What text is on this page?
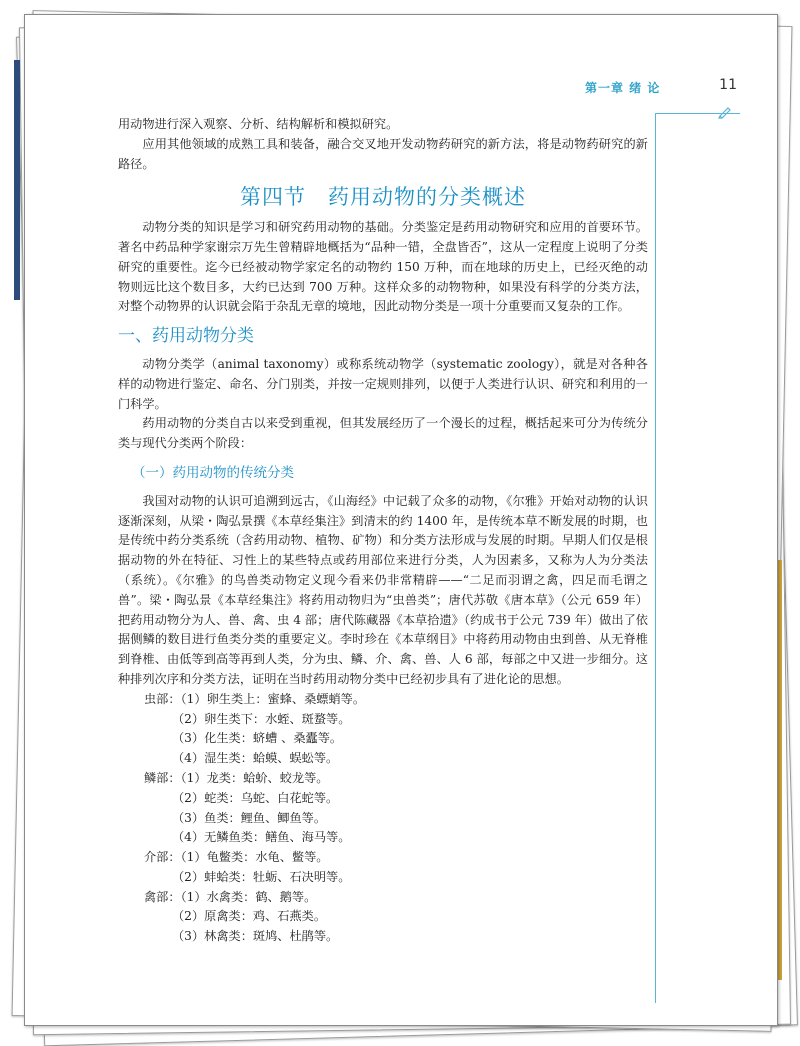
第一章 绪 论	11

用动物进行深入观察、分析、结构解析和模拟研究。

应用其他领域的成熟工具和装备，融合交叉地开发动物药研究的新方法，将是动物药研究的新路径。

第四节　药用动物的分类概述

动物分类的知识是学习和研究药用动物的基础。分类鉴定是药用动物研究和应用的首要环节。著名中药品种学家谢宗万先生曾精辟地概括为“品种一错，全盘皆否”，这从一定程度上说明了分类研究的重要性。迄今已经被动物学家定名的动物约 150 万种，而在地球的历史上，已经灭绝的动物则远比这个数目多，大约已达到 700 万种。这样众多的动物物种，如果没有科学的分类方法，对整个动物界的认识就会陷于杂乱无章的境地，因此动物分类是一项十分重要而又复杂的工作。

一、药用动物分类

动物分类学（animal taxonomy）或称系统动物学（systematic zoology），就是对各种各样的动物进行鉴定、命名、分门别类，并按一定规则排列，以便于人类进行认识、研究和利用的一门科学。

药用动物的分类自古以来受到重视，但其发展经历了一个漫长的过程，概括起来可分为传统分类与现代分类两个阶段：

（一）药用动物的传统分类

我国对动物的认识可追溯到远古，《山海经》中记载了众多的动物，《尔雅》开始对动物的认识逐渐深刻，从梁・陶弘景撰《本草经集注》到清末的约 1400 年，是传统本草不断发展的时期，也是传统中药分类系统（含药用动物、植物、矿物）和分类方法形成与发展的时期。早期人们仅是根据动物的外在特征、习性上的某些特点或药用部位来进行分类，人为因素多，又称为人为分类法（系统）。《尔雅》的鸟兽类动物定义现今看来仍非常精辟——“二足而羽谓之禽，四足而毛谓之兽”。梁・陶弘景《本草经集注》将药用动物归为“虫兽类”；唐代苏敬《唐本草》（公元 659 年）把药用动物分为人、兽、禽、虫 4 部；唐代陈藏器《本草拾遗》（约成书于公元 739 年）做出了依据侧鳞的数目进行鱼类分类的重要定义。李时珍在《本草纲目》中将药用动物由虫到兽、从无脊椎到脊椎、由低等到高等再到人类，分为虫、鳞、介、禽、兽、人 6 部，每部之中又进一步细分。这种排列次序和分类方法，证明在当时药用动物分类中已经初步具有了进化论的思想。

虫部：（1）卵生类上：蜜蜂、桑螵蛸等。
（2）卵生类下：水蛭、斑蝥等。
（3）化生类：蛴螬 、桑蠹等。
（4）湿生类：蛤蟆、蜈蚣等。
鳞部：（1）龙类：蛤蚧、蛟龙等。
（2）蛇类：乌蛇、白花蛇等。
（3）鱼类：鲤鱼、鲫鱼等。
（4）无鳞鱼类：鳝鱼、海马等。
介部：（1）龟鳖类：水龟、鳖等。
（2）蚌蛤类：牡蛎、石决明等。
禽部：（1）水禽类：鹤、鹅等。
（2）原禽类：鸡、石燕类。
（3）林禽类：斑鸠、杜鹃等。
